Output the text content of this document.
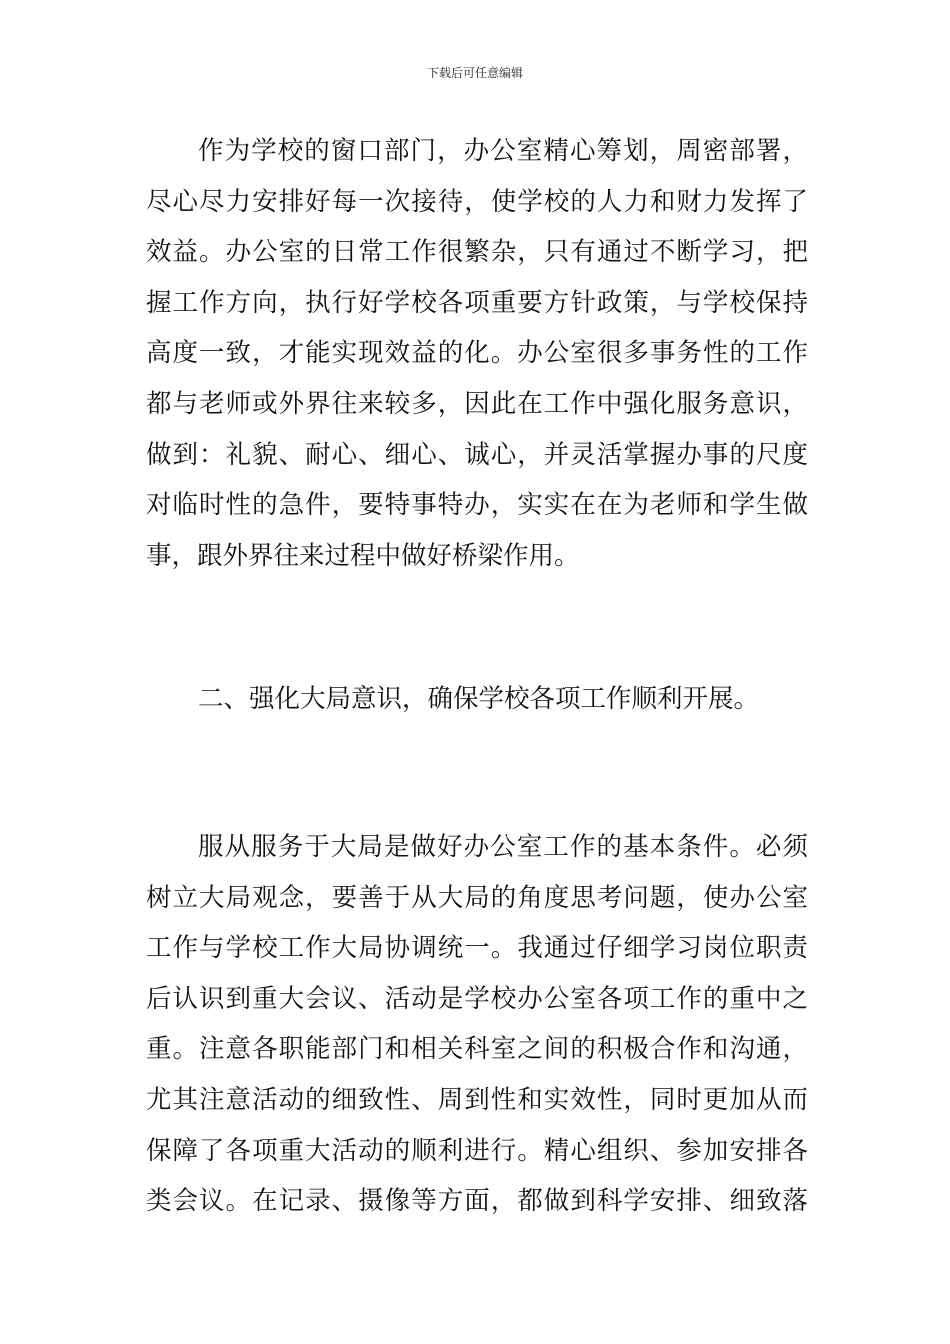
下载后可任意编辑
作为学校的窗口部门，办公室精心筹划，周密部署，
尽心尽力安排好每一次接待，使学校的人力和财力发挥了
效益。办公室的日常工作很繁杂，只有通过不断学习，把
握工作方向，执行好学校各项重要方针政策，与学校保持
高度一致，才能实现效益的化。办公室很多事务性的工作
都与老师或外界往来较多，因此在工作中强化服务意识，
做到：礼貌、耐心、细心、诚心，并灵活掌握办事的尺度
对临时性的急件，要特事特办，实实在在为老师和学生做
事，跟外界往来过程中做好桥梁作用。
二、强化大局意识，确保学校各项工作顺利开展。
服从服务于大局是做好办公室工作的基本条件。必须
树立大局观念，要善于从大局的角度思考问题，使办公室
工作与学校工作大局协调统一。我通过仔细学习岗位职责
后认识到重大会议、活动是学校办公室各项工作的重中之
重。注意各职能部门和相关科室之间的积极合作和沟通，
尤其注意活动的细致性、周到性和实效性，同时更加从而
保障了各项重大活动的顺利进行。精心组织、参加安排各
类会议。在记录、摄像等方面，都做到科学安排、细致落
